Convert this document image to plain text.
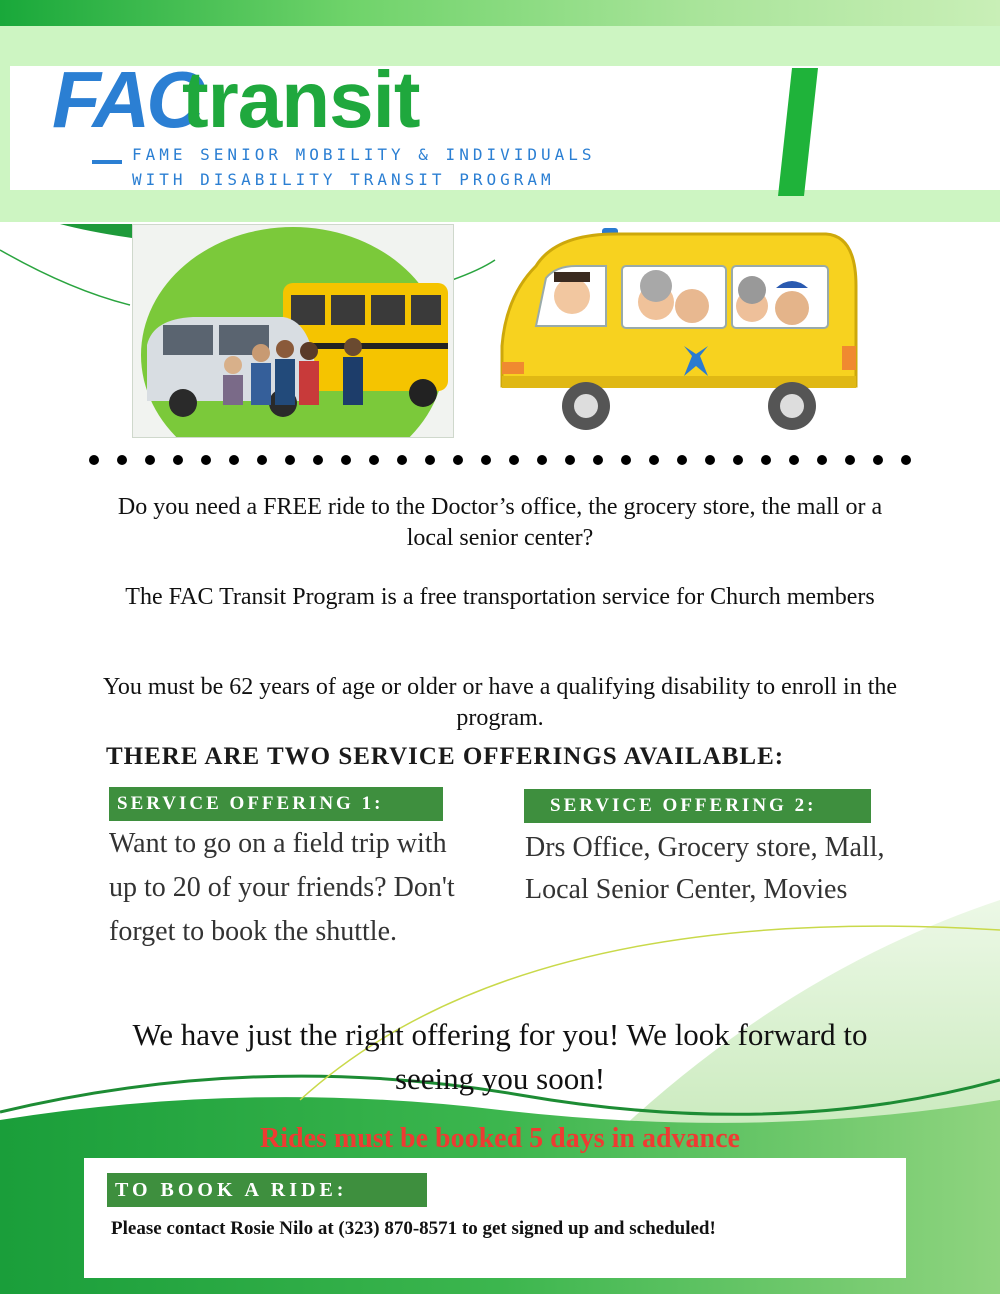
FAC
transit
FAME SENIOR MOBILITY & INDIVIDUALS
WITH DISABILITY TRANSIT PROGRAM
Do you need a FREE ride to the Doctor’s office, the grocery store, the mall or a local senior center?
The FAC Transit Program is a free transportation service for Church members
You must be 62 years of age or older or have a qualifying disability to enroll in the program.
THERE ARE TWO SERVICE OFFERINGS AVAILABLE:
SERVICE OFFERING 1:
Want to go on a field trip with up to 20 of your friends? Don't forget to book the shuttle.
SERVICE OFFERING 2:
Drs Office, Grocery store, Mall, Local Senior Center, Movies
We have just the right offering for you! We look forward to seeing you soon!
Rides must be booked 5 days in advance
TO BOOK A RIDE:
Please contact Rosie Nilo at (323) 870-8571 to get signed up and scheduled!
